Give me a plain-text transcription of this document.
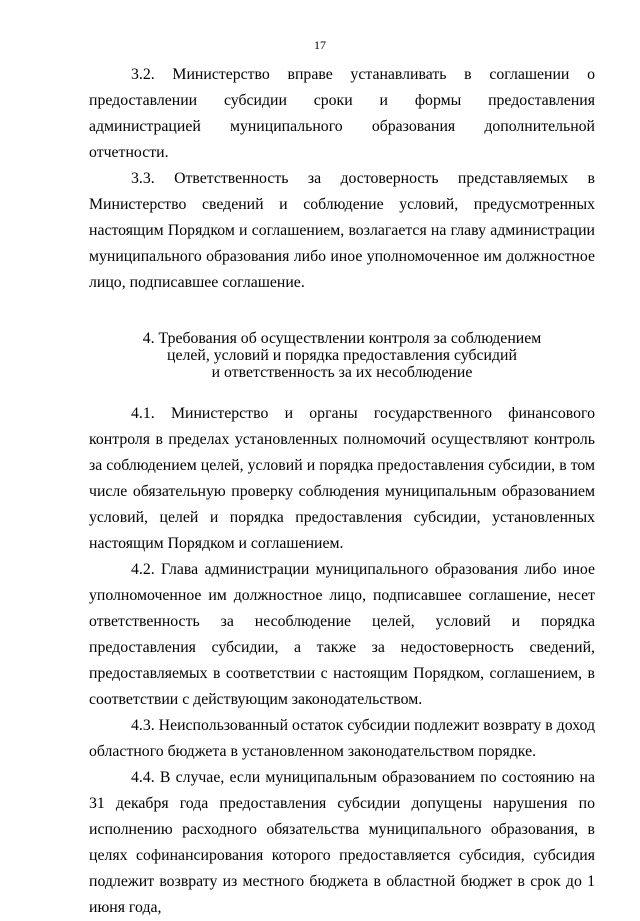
17

3.2. Министерство вправе устанавливать в соглашении о предоставлении субсидии сроки и формы предоставления администрацией муниципального образования дополнительной отчетности.

3.3. Ответственность за достоверность представляемых в Министерство сведений и соблюдение условий, предусмотренных настоящим Порядком и соглашением, возлагается на главу администрации муниципального образования либо иное уполномоченное им должностное лицо, подписавшее соглашение.

4. Требования об осуществлении контроля за соблюдением
целей, условий и порядка предоставления субсидий
и ответственность за их несоблюдение

4.1. Министерство и органы государственного финансового контроля в пределах установленных полномочий осуществляют контроль за соблюдением целей, условий и порядка предоставления субсидии, в том числе обязательную проверку соблюдения муниципальным образованием условий, целей и порядка предоставления субсидии, установленных настоящим Порядком и соглашением.

4.2. Глава администрации муниципального образования либо иное уполномоченное им должностное лицо, подписавшее соглашение, несет ответственность за несоблюдение целей, условий и порядка предоставления субсидии, а также за недостоверность сведений, предоставляемых в соответствии с настоящим Порядком, соглашением, в соответствии с действующим законодательством.

4.3. Неиспользованный остаток субсидии подлежит возврату в доход областного бюджета в установленном законодательством порядке.

4.4. В случае, если муниципальным образованием по состоянию на 31 декабря года предоставления субсидии допущены нарушения по исполнению расходного обязательства муниципального образования, в целях софинансирования которого предоставляется субсидия, субсидия подлежит возврату из местного бюджета в областной бюджет в срок до 1 июня года,
